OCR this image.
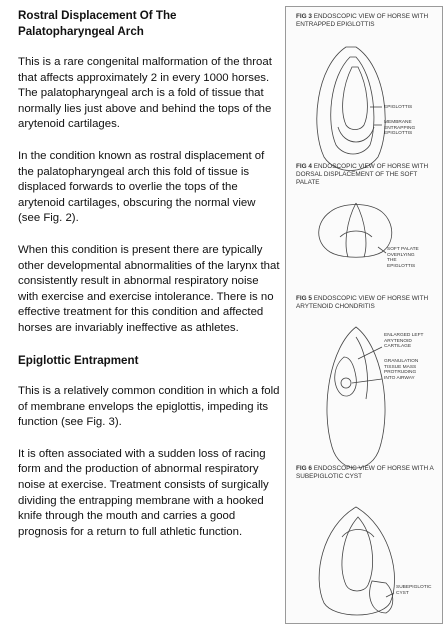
Rostral Displacement Of The Palatopharyngeal Arch

This is a rare congenital malformation of the throat that affects approximately 2 in every 1000 horses. The palatopharyngeal arch is a fold of tissue that normally lies just above and behind the tops of the arytenoid cartilages.

In the condition known as rostral displacement of the palatopharyngeal arch this fold of tissue is displaced forwards to overlie the tops of the arytenoid cartilages, obscuring the normal view (see Fig. 2).

When this condition is present there are typically other developmental abnormalities of the larynx that consistently result in abnormal respiratory noise with exercise and exercise intolerance. There is no effective treatment for this condition and affected horses are invariably ineffective as athletes.

Epiglottic Entrapment

This is a relatively common condition in which a fold of membrane envelops the epiglottis, impeding its function (see Fig. 3).

It is often associated with a sudden loss of racing form and the production of abnormal respiratory noise at exercise. Treatment consists of surgically dividing the entrapping membrane with a hooked knife through the mouth and carries a good prognosis for a return to full athletic function.

FIG 3 ENDOSCOPIC VIEW OF HORSE WITH ENTRAPPED EPIGLOTTIS
EPIGLOTTIS
MEMBRANE ENTRAPPING EPIGLOTTIS
FIG 4 ENDOSCOPIC VIEW OF HORSE WITH DORSAL DISPLACEMENT OF THE SOFT PALATE
SOFT PALATE OVERLYING THE EPIGLOTTIS
FIG 5 ENDOSCOPIC VIEW OF HORSE WITH ARYTENOID CHONDRITIS
ENLARGED LEFT ARYTENOID CARTILAGE
GRANULATION TISSUE MASS PROTRUDING INTO AIRWAY
FIG 6 ENDOSCOPIC VIEW OF HORSE WITH A SUBEPIGLOTIC CYST
SUBEPIGLOTIC CYST
